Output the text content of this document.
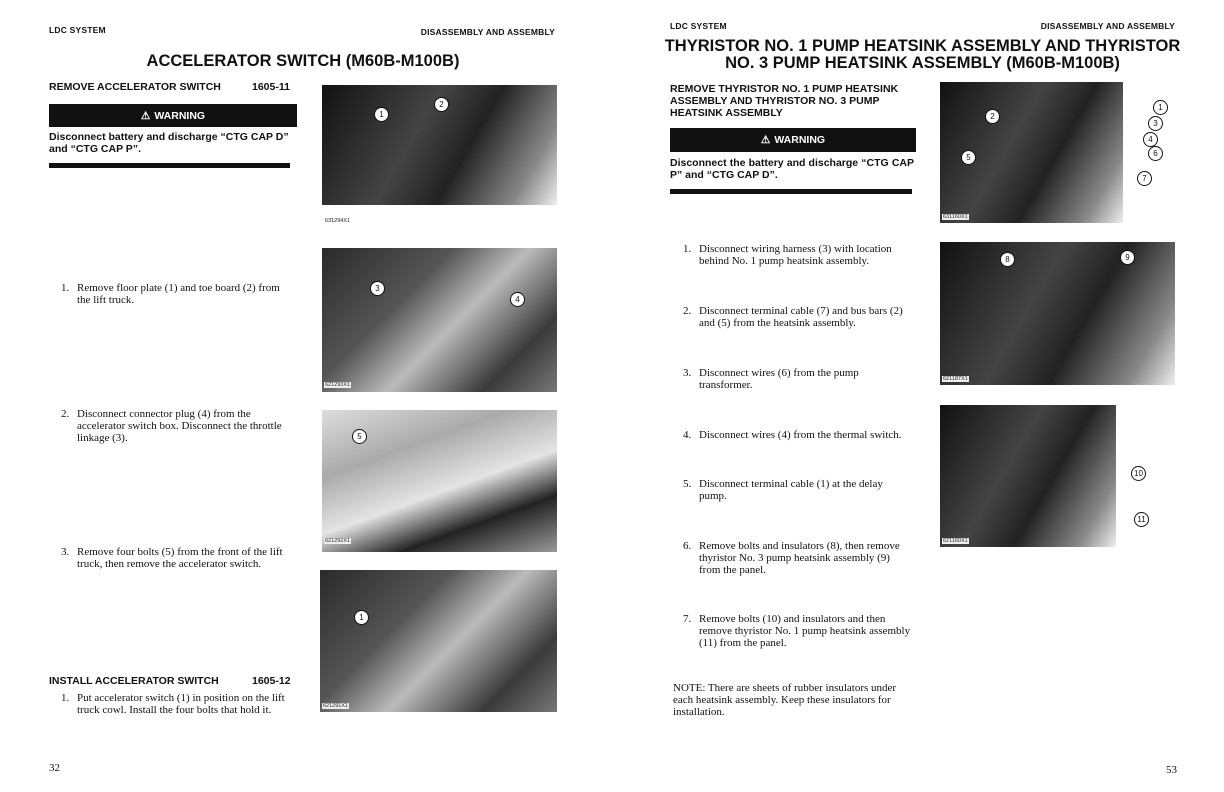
LDC SYSTEM	DISASSEMBLY AND ASSEMBLY
ACCELERATOR SWITCH (M60B-M100B)
REMOVE ACCELERATOR SWITCH	1605-11
⚠ WARNING
Disconnect battery and discharge “CTG CAP D” and “CTG CAP P”.
1
2
631294X1
3
4
621293X1
5
621292X1
1
621291X1
1. Remove floor plate (1) and toe board (2) from the lift truck.
2. Disconnect connector plug (4) from the accelerator switch box. Disconnect the throttle linkage (3).
3. Remove four bolts (5) from the front of the lift truck, then remove the accelerator switch.
INSTALL ACCELERATOR SWITCH	1605-12
1. Put accelerator switch (1) in position on the lift truck cowl. Install the four bolts that hold it.
32
LDC SYSTEM	DISASSEMBLY AND ASSEMBLY
THYRISTOR NO. 1 PUMP HEATSINK ASSEMBLY AND THYRISTOR
NO. 3 PUMP HEATSINK ASSEMBLY (M60B-M100B)
REMOVE THYRISTOR NO. 1 PUMP HEATSINK ASSEMBLY AND THYRISTOR NO. 3 PUMP HEATSINK ASSEMBLY
⚠ WARNING
Disconnect the battery and discharge “CTG CAP P” and “CTG CAP D”.
2
5
631160X1
1
3
4
6
7
8	9
621187X1
621160X1
10
11
1. Disconnect wiring harness (3) with location behind No. 1 pump heatsink assembly.
2. Disconnect terminal cable (7) and bus bars (2) and (5) from the heatsink assembly.
3. Disconnect wires (6) from the pump transformer.
4. Disconnect wires (4) from the thermal switch.
5. Disconnect terminal cable (1) at the delay pump.
6. Remove bolts and insulators (8), then remove thyristor No. 3 pump heatsink assembly (9) from the panel.
7. Remove bolts (10) and insulators and then remove thyristor No. 1 pump heatsink assembly (11) from the panel.
NOTE: There are sheets of rubber insulators under each heatsink assembly. Keep these insulators for installation.
53
